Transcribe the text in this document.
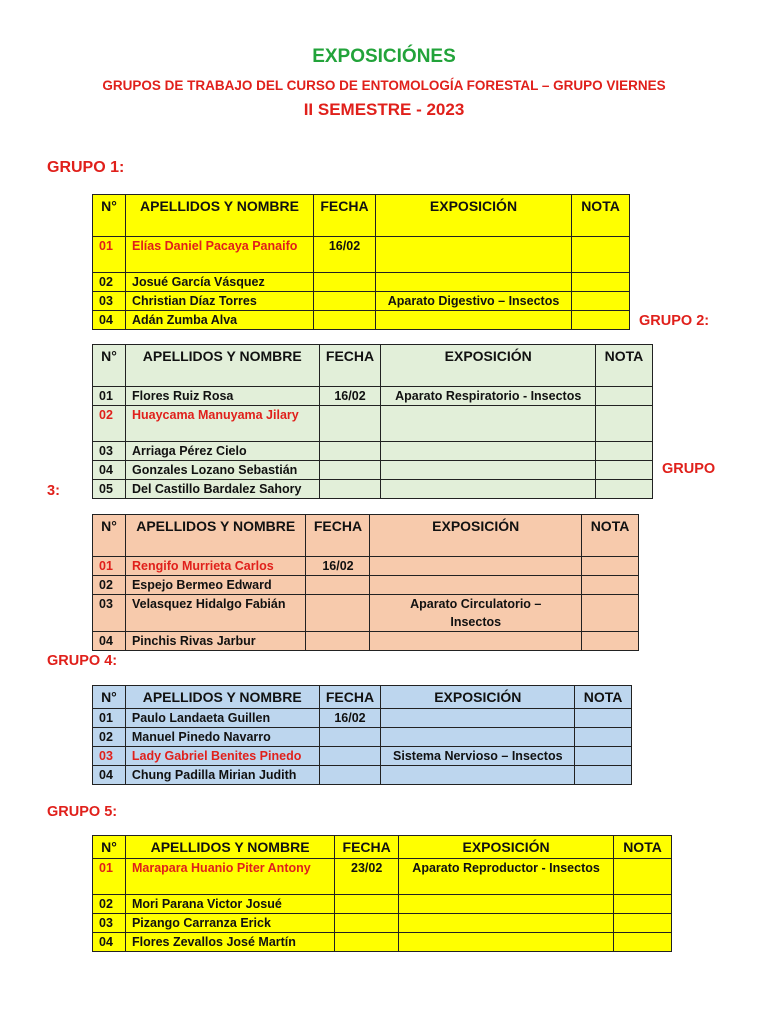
EXPOSICIÓNES
GRUPOS DE TRABAJO DEL CURSO DE ENTOMOLOGÍA FORESTAL – GRUPO VIERNES
II SEMESTRE - 2023
GRUPO 1:
GRUPO 2:
GRUPO
3:
GRUPO 4:
GRUPO 5:
N°	APELLIDOS Y NOMBRE	FECHA	EXPOSICIÓN	NOTA
01	Elías Daniel Pacaya Panaifo	16/02		
02	Josué García Vásquez			
03	Christian Díaz Torres		Aparato Digestivo – Insectos	
04	Adán Zumba Alva			
N°	APELLIDOS Y NOMBRE	FECHA	EXPOSICIÓN	NOTA
01	Flores Ruiz Rosa	16/02	Aparato Respiratorio - Insectos	
02	Huaycama Manuyama Jilary			
03	Arriaga Pérez Cielo			
04	Gonzales Lozano Sebastián			
05	Del Castillo Bardalez Sahory			
N°	APELLIDOS Y NOMBRE	FECHA	EXPOSICIÓN	NOTA
01	Rengifo Murrieta Carlos	16/02		
02	Espejo Bermeo Edward			
03	Velasquez Hidalgo Fabián		Aparato Circulatorio – Insectos	
04	Pinchis Rivas Jarbur			
N°	APELLIDOS Y NOMBRE	FECHA	EXPOSICIÓN	NOTA
01	Paulo Landaeta Guillen	16/02		
02	Manuel Pinedo Navarro			
03	Lady Gabriel Benites Pinedo		Sistema Nervioso – Insectos	
04	Chung Padilla Mirian Judith			
N°	APELLIDOS Y NOMBRE	FECHA	EXPOSICIÓN	NOTA
01	Marapara Huanio Piter Antony	23/02	Aparato Reproductor - Insectos	
02	Mori Parana Victor Josué			
03	Pizango Carranza Erick			
04	Flores Zevallos José Martín			
